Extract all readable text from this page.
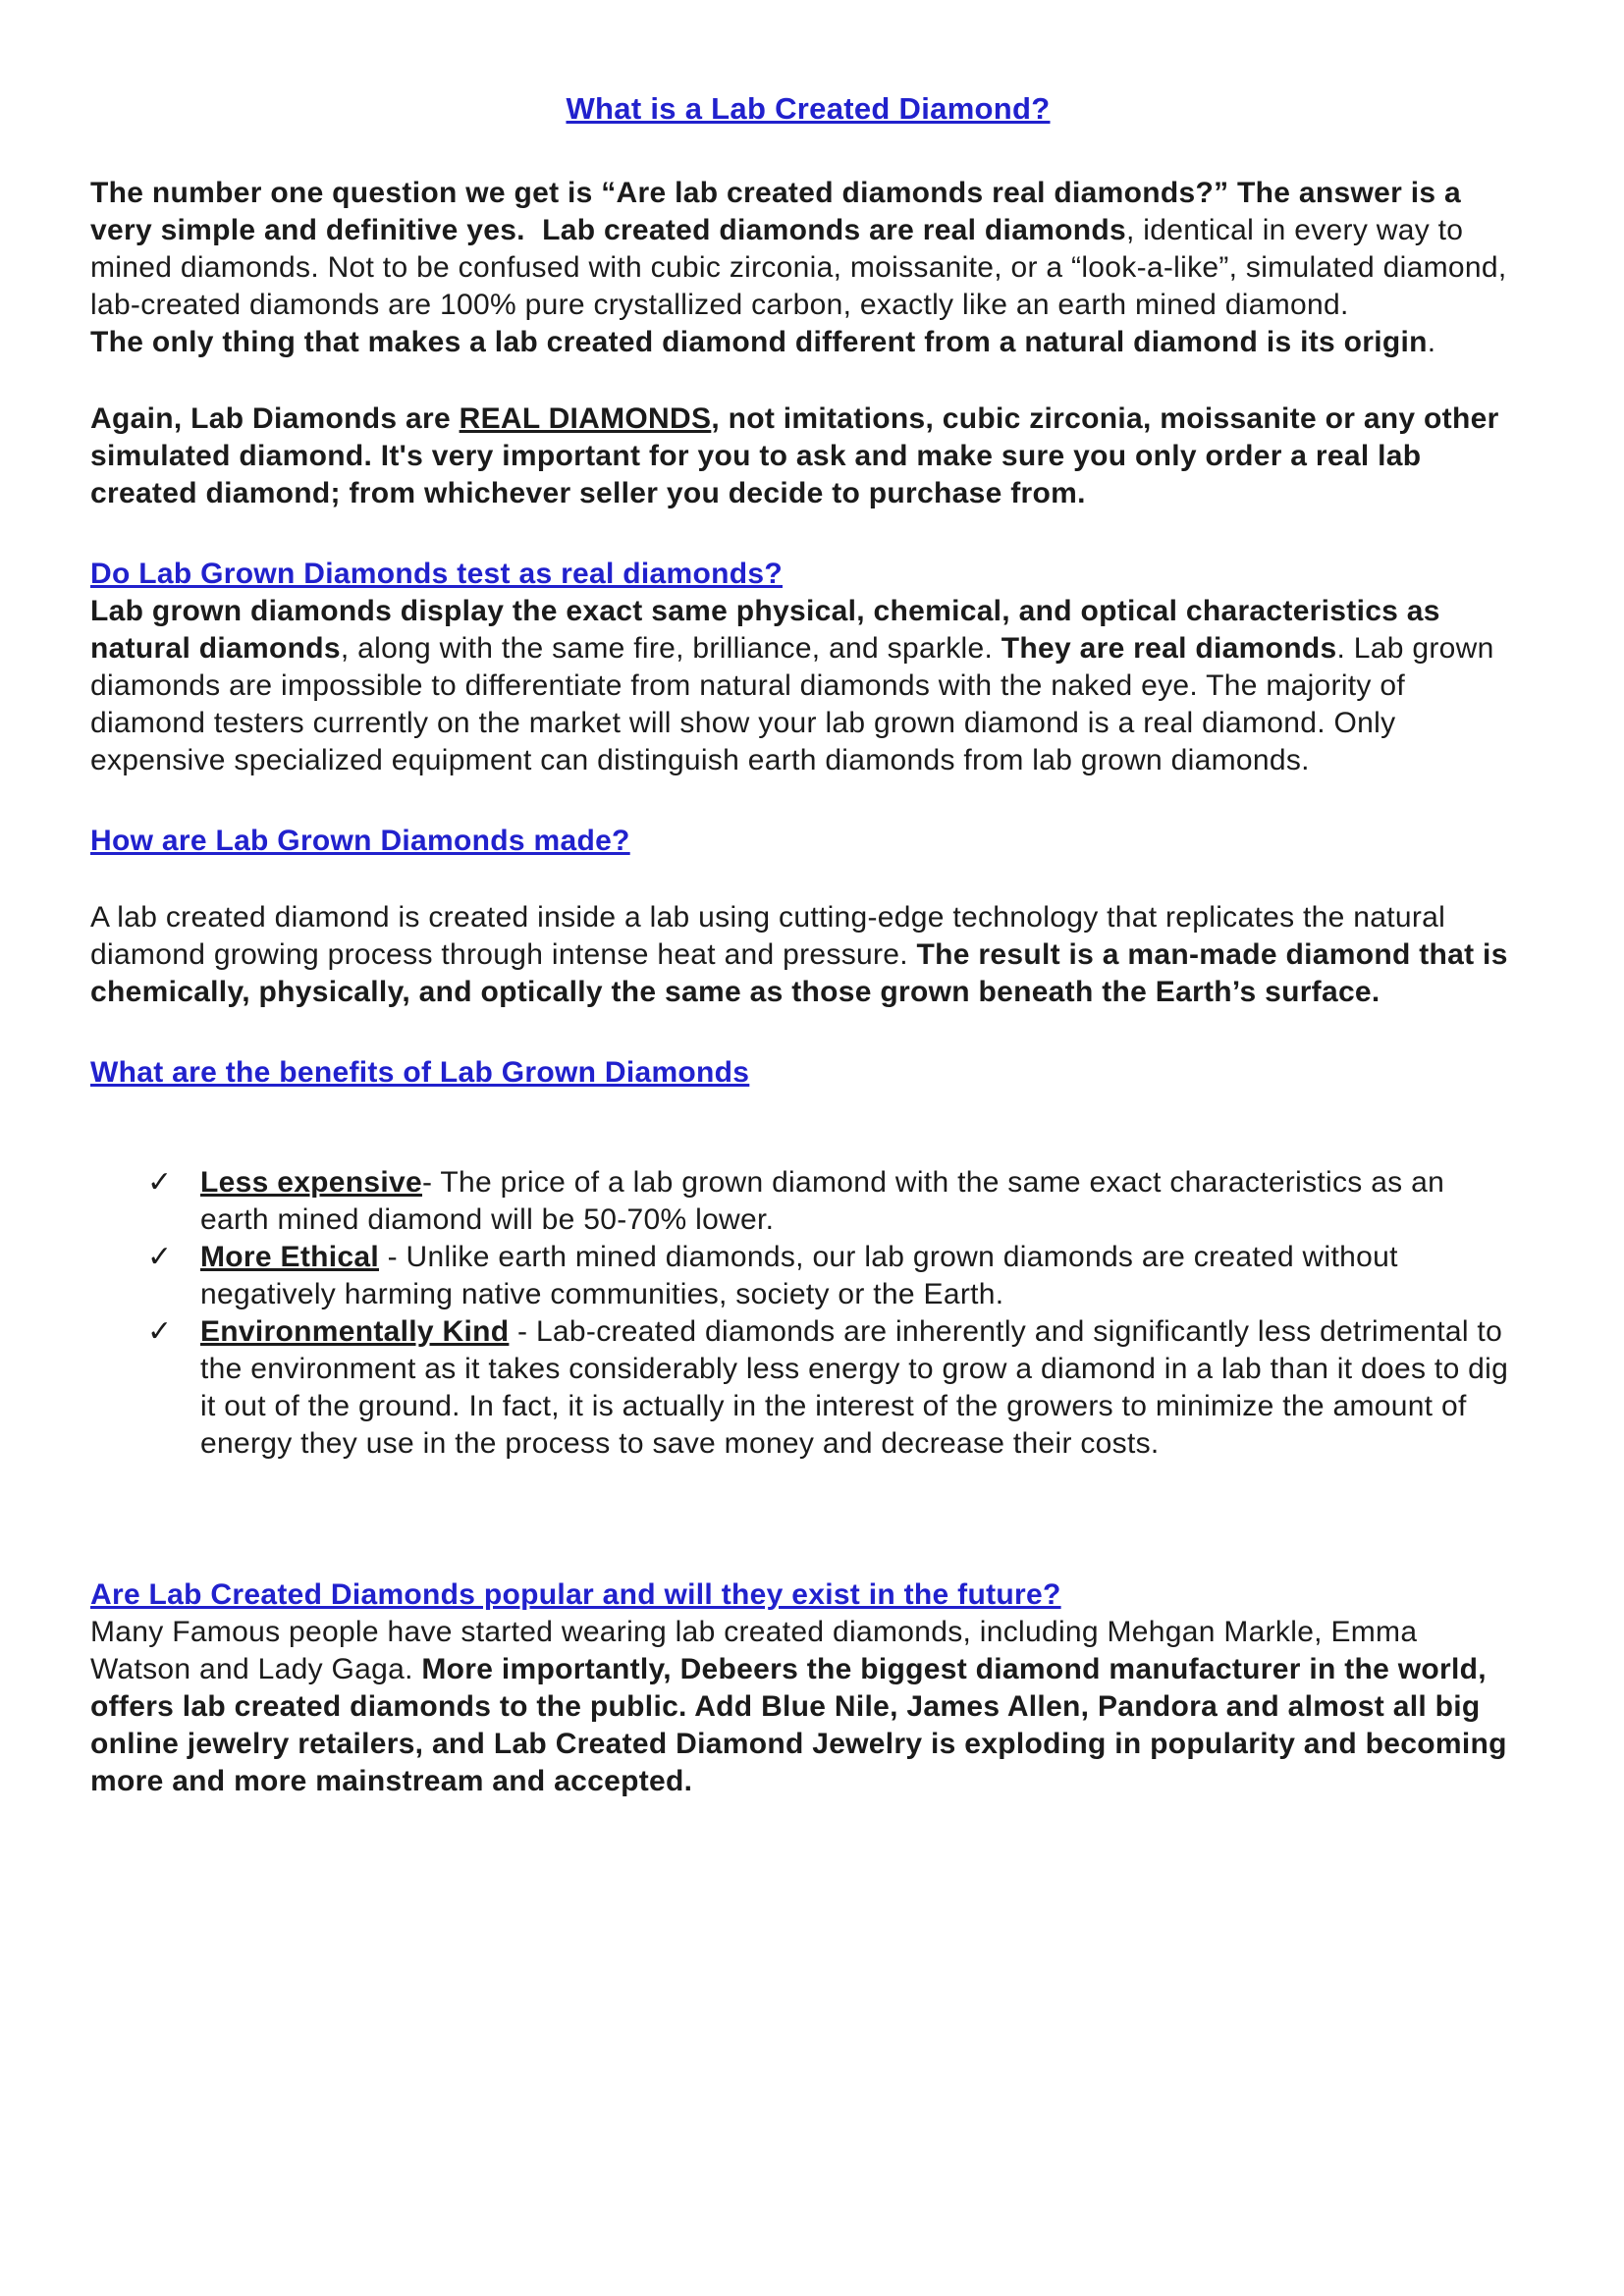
What is a Lab Created Diamond?

The number one question we get is “Are lab created diamonds real diamonds?” The answer is a very simple and definitive yes.  Lab created diamonds are real diamonds, identical in every way to mined diamonds. Not to be confused with cubic zirconia, moissanite, or a “look-a-like”, simulated diamond, lab-created diamonds are 100% pure crystallized carbon, exactly like an earth mined diamond.

The only thing that makes a lab created diamond different from a natural diamond is its origin.

Again, Lab Diamonds are REAL DIAMONDS, not imitations, cubic zirconia, moissanite or any other simulated diamond. It's very important for you to ask and make sure you only order a real lab created diamond; from whichever seller you decide to purchase from.

Do Lab Grown Diamonds test as real diamonds?

Lab grown diamonds display the exact same physical, chemical, and optical characteristics as natural diamonds, along with the same fire, brilliance, and sparkle. They are real diamonds. Lab grown diamonds are impossible to differentiate from natural diamonds with the naked eye. The majority of diamond testers currently on the market will show your lab grown diamond is a real diamond. Only expensive specialized equipment can distinguish earth diamonds from lab grown diamonds.

How are Lab Grown Diamonds made?

A lab created diamond is created inside a lab using cutting-edge technology that replicates the natural diamond growing process through intense heat and pressure. The result is a man-made diamond that is chemically, physically, and optically the same as those grown beneath the Earth’s surface.

What are the benefits of Lab Grown Diamonds
✓ Less expensive- The price of a lab grown diamond with the same exact characteristics as an earth mined diamond will be 50-70% lower.
✓ More Ethical - Unlike earth mined diamonds, our lab grown diamonds are created without negatively harming native communities, society or the Earth.
✓ Environmentally Kind - Lab-created diamonds are inherently and significantly less detrimental to the environment as it takes considerably less energy to grow a diamond in a lab than it does to dig it out of the ground. In fact, it is actually in the interest of the growers to minimize the amount of energy they use in the process to save money and decrease their costs.
Are Lab Created Diamonds popular and will they exist in the future?

Many Famous people have started wearing lab created diamonds, including Mehgan Markle, Emma Watson and Lady Gaga. More importantly, Debeers the biggest diamond manufacturer in the world, offers lab created diamonds to the public. Add Blue Nile, James Allen, Pandora and almost all big online jewelry retailers, and Lab Created Diamond Jewelry is exploding in popularity and becoming more and more mainstream and accepted.
